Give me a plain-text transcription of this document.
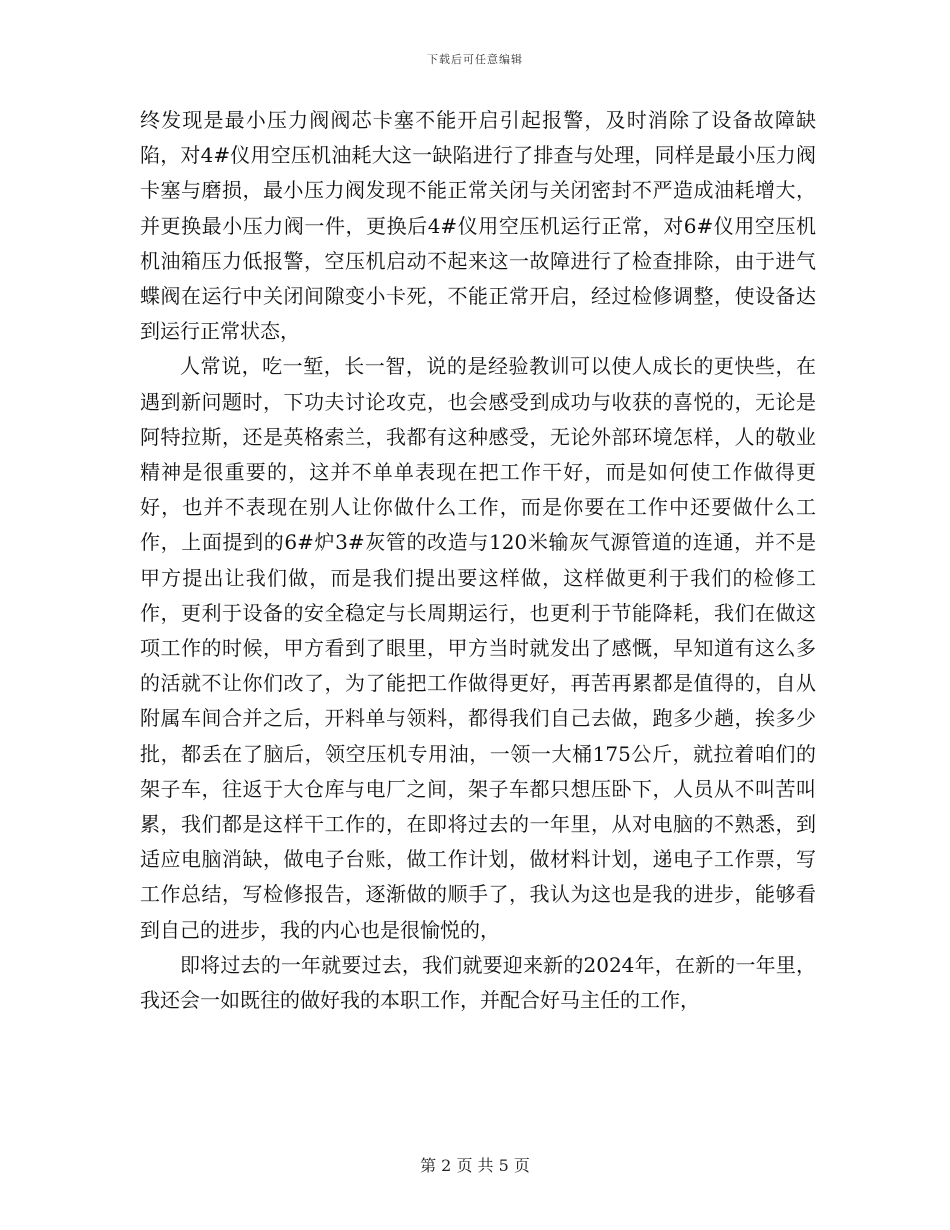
下载后可任意编辑

终发现是最小压力阀阀芯卡塞不能开启引起报警，及时消除了设备故障缺陷，对4#仪用空压机油耗大这一缺陷进行了排查与处理，同样是最小压力阀卡塞与磨损，最小压力阀发现不能正常关闭与关闭密封不严造成油耗增大，并更换最小压力阀一件，更换后4#仪用空压机运行正常，对6#仪用空压机机油箱压力低报警，空压机启动不起来这一故障进行了检查排除，由于进气蝶阀在运行中关闭间隙变小卡死，不能正常开启，经过检修调整，使设备达到运行正常状态，

人常说，吃一堑，长一智，说的是经验教训可以使人成长的更快些，在遇到新问题时，下功夫讨论攻克，也会感受到成功与收获的喜悦的，无论是阿特拉斯，还是英格索兰，我都有这种感受，无论外部环境怎样，人的敬业精神是很重要的，这并不单单表现在把工作干好，而是如何使工作做得更好，也并不表现在别人让你做什么工作，而是你要在工作中还要做什么工作，上面提到的6#炉3#灰管的改造与120米输灰气源管道的连通，并不是甲方提出让我们做，而是我们提出要这样做，这样做更利于我们的检修工作，更利于设备的安全稳定与长周期运行，也更利于节能降耗，我们在做这项工作的时候，甲方看到了眼里，甲方当时就发出了感慨，早知道有这么多的活就不让你们改了，为了能把工作做得更好，再苦再累都是值得的，自从附属车间合并之后，开料单与领料，都得我们自己去做，跑多少趟，挨多少批，都丢在了脑后，领空压机专用油，一领一大桶175公斤，就拉着咱们的架子车，往返于大仓库与电厂之间，架子车都只想压卧下，人员从不叫苦叫累，我们都是这样干工作的，在即将过去的一年里，从对电脑的不熟悉，到适应电脑消缺，做电子台账，做工作计划，做材料计划，递电子工作票，写工作总结，写检修报告，逐渐做的顺手了，我认为这也是我的进步，能够看到自己的进步，我的内心也是很愉悦的，

即将过去的一年就要过去，我们就要迎来新的2024年，在新的一年里，我还会一如既往的做好我的本职工作，并配合好马主任的工作，

第 2 页 共 5 页
